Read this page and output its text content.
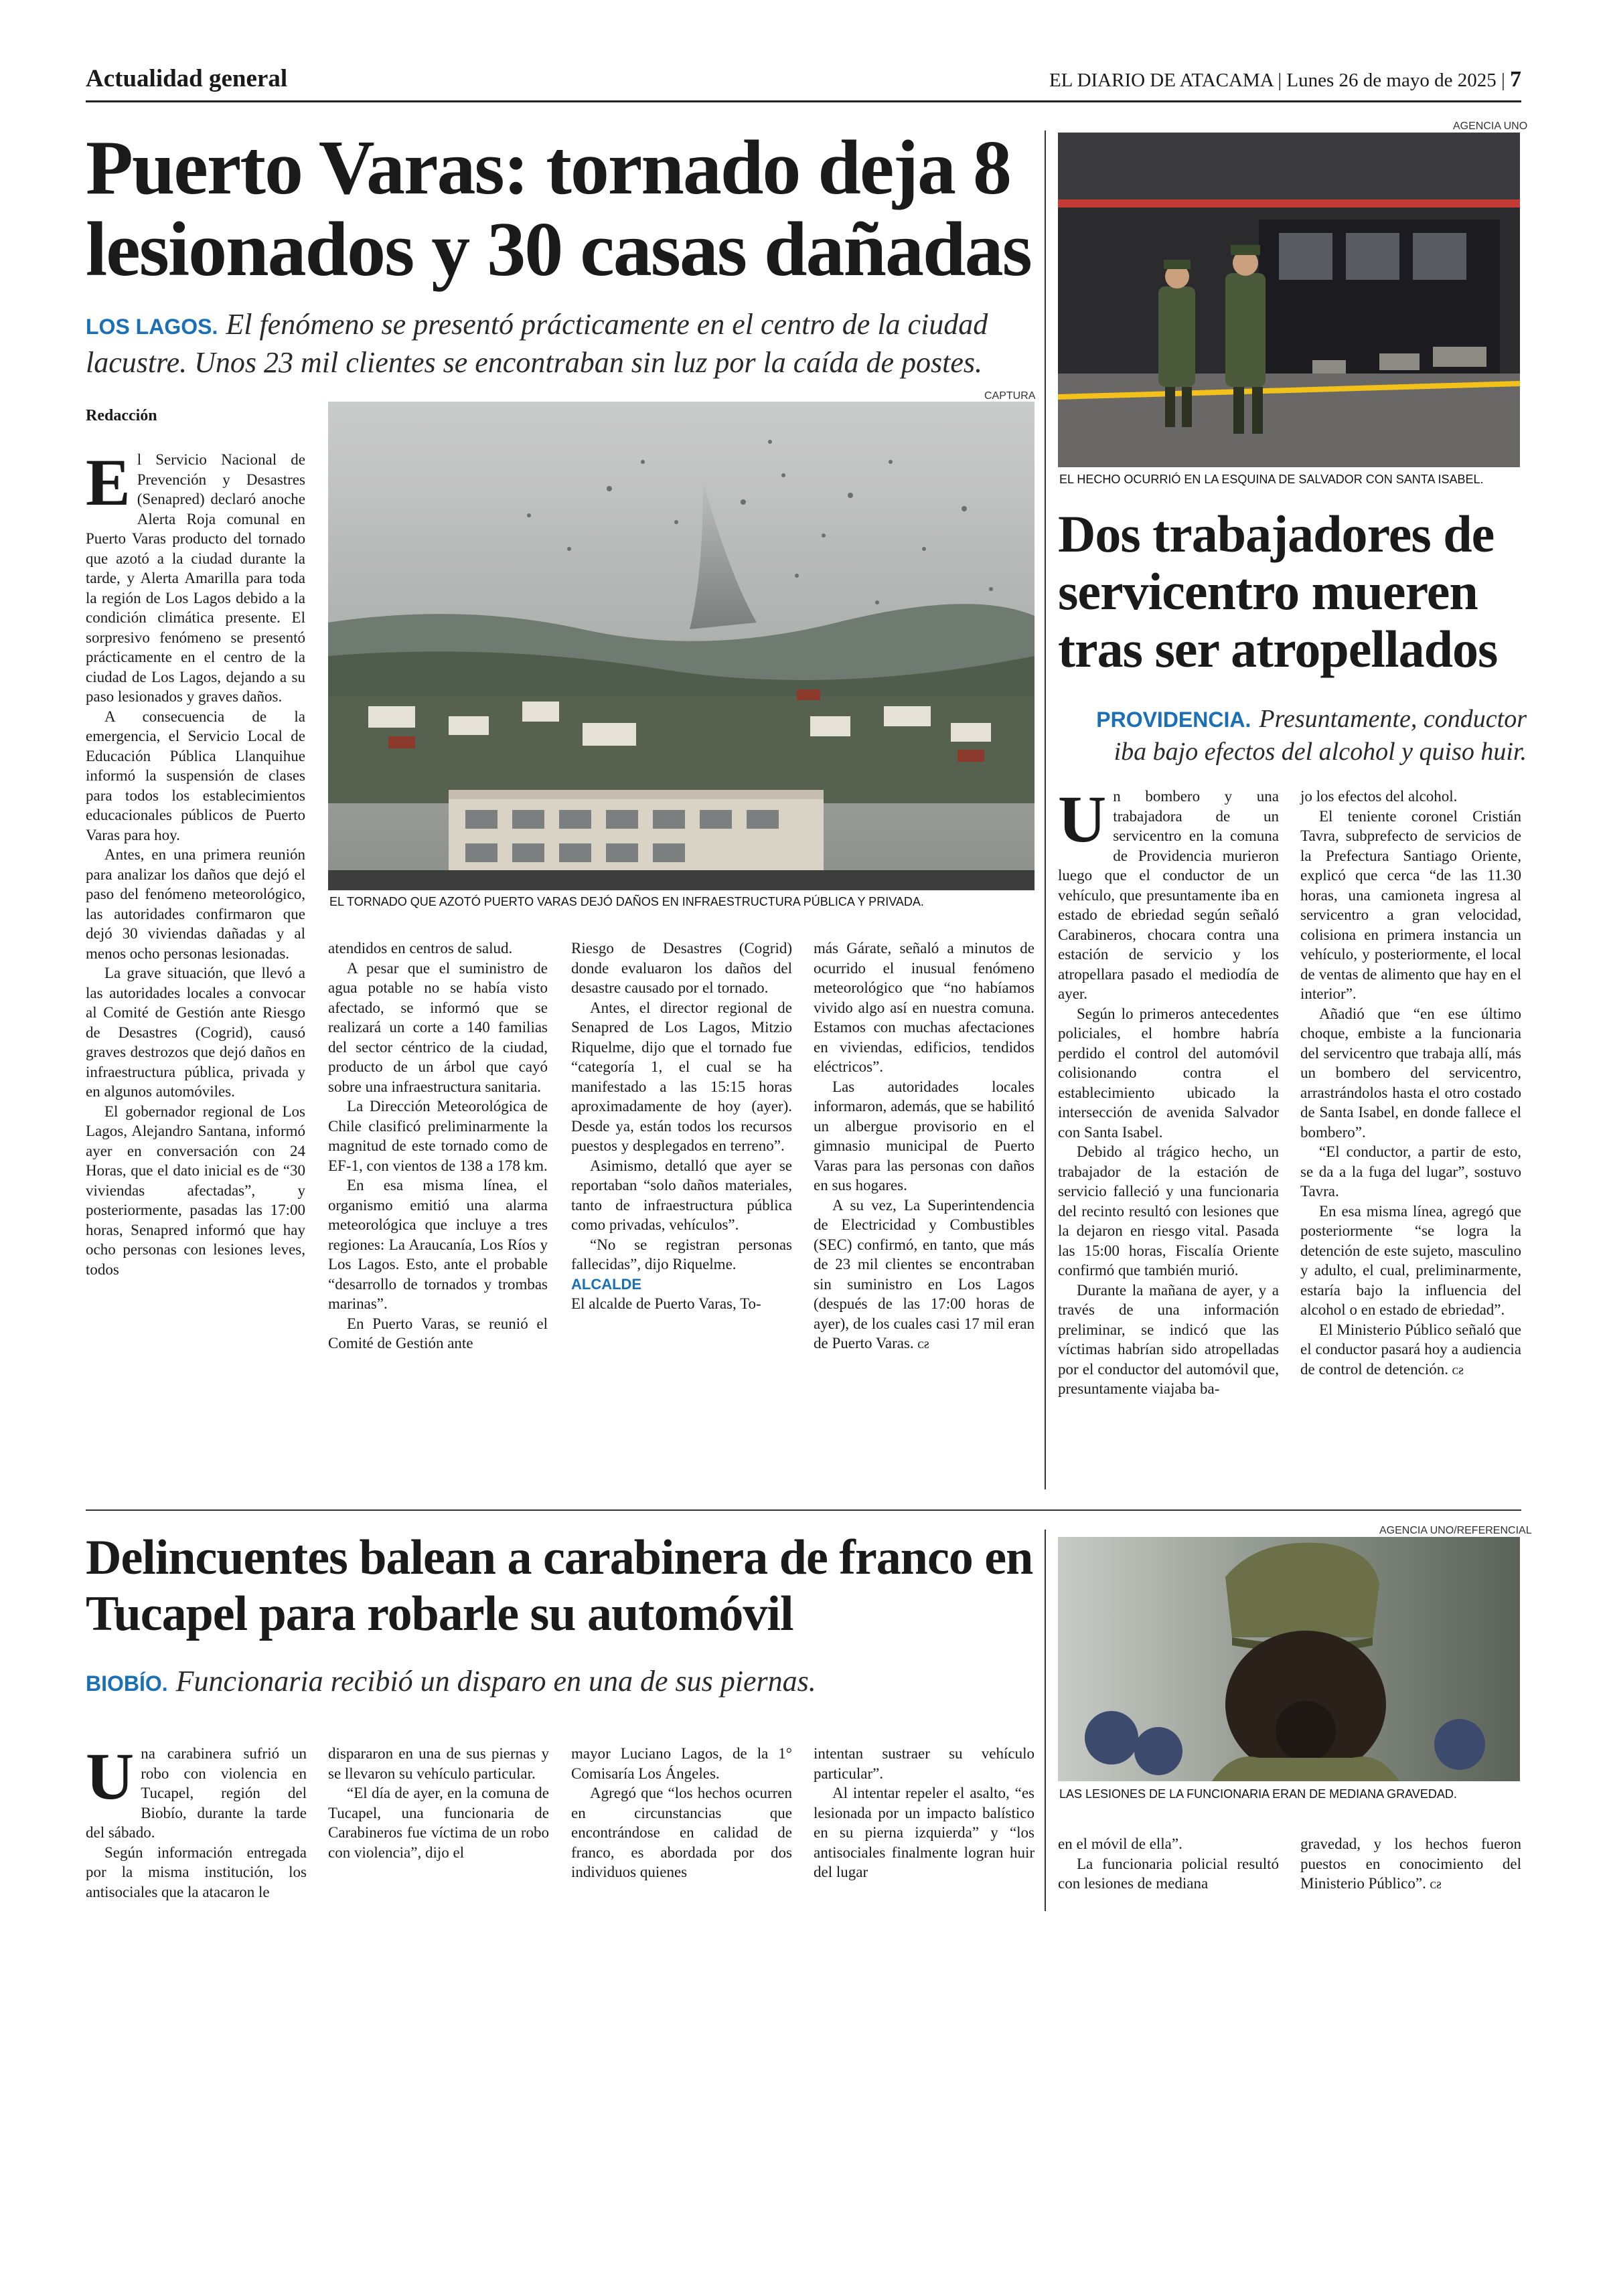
Actualidad general	EL DIARIO DE ATACAMA | Lunes 26 de mayo de 2025 | 7
Puerto Varas: tornado deja 8 lesionados y 30 casas dañadas
LOS LAGOS. El fenómeno se presentó prácticamente en el centro de la ciudad lacustre. Unos 23 mil clientes se encontraban sin luz por la caída de postes.
Redacción
CAPTURA
EL TORNADO QUE AZOTÓ PUERTO VARAS DEJÓ DAÑOS EN INFRAESTRUCTURA PÚBLICA Y PRIVADA.

El Servicio Nacional de Prevención y Desastres (Senapred) declaró anoche Alerta Roja comunal en Puerto Varas producto del tornado que azotó a la ciudad durante la tarde, y Alerta Amarilla para toda la región de Los Lagos debido a la condición climática presente. El sorpresivo fenómeno se presentó prácticamente en el centro de la ciudad de Los Lagos, dejando a su paso lesionados y graves daños.

A consecuencia de la emergencia, el Servicio Local de Educación Pública Llanquihue informó la suspensión de clases para todos los establecimientos educacionales públicos de Puerto Varas para hoy.

Antes, en una primera reunión para analizar los daños que dejó el paso del fenómeno meteorológico, las autoridades confirmaron que dejó 30 viviendas dañadas y al menos ocho personas lesionadas.

La grave situación, que llevó a las autoridades locales a convocar al Comité de Gestión ante Riesgo de Desastres (Cogrid), causó graves destrozos que dejó daños en infraestructura pública, privada y en algunos automóviles.

El gobernador regional de Los Lagos, Alejandro Santana, informó ayer en conversación con 24 Horas, que el dato inicial es de “30 viviendas afectadas”, y posteriormente, pasadas las 17:00 horas, Senapred informó que hay ocho personas con lesiones leves, todos

atendidos en centros de salud.

A pesar que el suministro de agua potable no se había visto afectado, se informó que se realizará un corte a 140 familias del sector céntrico de la ciudad, producto de un árbol que cayó sobre una infraestructura sanitaria.

La Dirección Meteorológica de Chile clasificó preliminarmente la magnitud de este tornado como de EF-1, con vientos de 138 a 178 km.

En esa misma línea, el organismo emitió una alarma meteorológica que incluye a tres regiones: La Araucanía, Los Ríos y Los Lagos. Esto, ante el probable “desarrollo de tornados y trombas marinas”.

En Puerto Varas, se reunió el Comité de Gestión ante

Riesgo de Desastres (Cogrid) donde evaluaron los daños del desastre causado por el tornado.

Antes, el director regional de Senapred de Los Lagos, Mitzio Riquelme, dijo que el tornado fue “categoría 1, el cual se ha manifestado a las 15:15 horas aproximadamente de hoy (ayer). Desde ya, están todos los recursos puestos y desplegados en terreno”.

Asimismo, detalló que ayer se reportaban “solo daños materiales, tanto de infraestructura pública como privadas, vehículos”.

“No se registran personas fallecidas”, dijo Riquelme.

ALCALDE

El alcalde de Puerto Varas, To-

más Gárate, señaló a minutos de ocurrido el inusual fenómeno meteorológico que “no habíamos vivido algo así en nuestra comuna. Estamos con muchas afectaciones en viviendas, edificios, tendidos eléctricos”.

Las autoridades locales informaron, además, que se habilitó un albergue provisorio en el gimnasio municipal de Puerto Varas para las personas con daños en sus hogares.

A su vez, La Superintendencia de Electricidad y Combustibles (SEC) confirmó, en tanto, que más de 23 mil clientes se encontraban sin suministro en Los Lagos (después de las 17:00 horas de ayer), de los cuales casi 17 mil eran de Puerto Varas. ᴄƨ

AGENCIA UNO
EL HECHO OCURRIÓ EN LA ESQUINA DE SALVADOR CON SANTA ISABEL.
Dos trabajadores de servicentro mueren tras ser atropellados
PROVIDENCIA. Presuntamente, conductor iba bajo efectos del alcohol y quiso huir.

Un bombero y una trabajadora de un servicentro en la comuna de Providencia murieron luego que el conductor de un vehículo, que presuntamente iba en estado de ebriedad según señaló Carabineros, chocara contra una estación de servicio y los atropellara pasado el mediodía de ayer.

Según lo primeros antecedentes policiales, el hombre habría perdido el control del automóvil colisionando contra el establecimiento ubicado la intersección de avenida Salvador con Santa Isabel.

Debido al trágico hecho, un trabajador de la estación de servicio falleció y una funcionaria del recinto resultó con lesiones que la dejaron en riesgo vital. Pasada las 15:00 horas, Fiscalía Oriente confirmó que también murió.

Durante la mañana de ayer, y a través de una información preliminar, se indicó que las víctimas habrían sido atropelladas por el conductor del automóvil que, presuntamente viajaba ba-

jo los efectos del alcohol.

El teniente coronel Cristián Tavra, subprefecto de servicios de la Prefectura Santiago Oriente, explicó que cerca “de las 11.30 horas, una camioneta ingresa al servicentro a gran velocidad, colisiona en primera instancia un vehículo, y posteriormente, el local de ventas de alimento que hay en el interior”.

Añadió que “en ese último choque, embiste a la funcionaria del servicentro que trabaja allí, más un bombero del servicentro, arrastrándolos hasta el otro costado de Santa Isabel, en donde fallece el bombero”.

“El conductor, a partir de esto, se da a la fuga del lugar”, sostuvo Tavra.

En esa misma línea, agregó que posteriormente “se logra la detención de este sujeto, masculino y adulto, el cual, preliminarmente, estaría bajo la influencia del alcohol o en estado de ebriedad”.

El Ministerio Público señaló que el conductor pasará hoy a audiencia de control de detención. ᴄƨ

Delincuentes balean a carabinera de franco en Tucapel para robarle su automóvil
BIOBÍO. Funcionaria recibió un disparo en una de sus piernas.
AGENCIA UNO/REFERENCIAL
LAS LESIONES DE LA FUNCIONARIA ERAN DE MEDIANA GRAVEDAD.

Una carabinera sufrió un robo con violencia en Tucapel, región del Biobío, durante la tarde del sábado.

Según información entregada por la misma institución, los antisociales que la atacaron le

dispararon en una de sus piernas y se llevaron su vehículo particular.

“El día de ayer, en la comuna de Tucapel, una funcionaria de Carabineros fue víctima de un robo con violencia”, dijo el

mayor Luciano Lagos, de la 1° Comisaría Los Ángeles.

Agregó que “los hechos ocurren en circunstancias que encontrándose en calidad de franco, es abordada por dos individuos quienes

intentan sustraer su vehículo particular”.

Al intentar repeler el asalto, “es lesionada por un impacto balístico en su pierna izquierda” y “los antisociales finalmente logran huir del lugar

en el móvil de ella”.

La funcionaria policial resultó con lesiones de mediana

gravedad, y los hechos fueron puestos en conocimiento del Ministerio Público”. ᴄƨ
